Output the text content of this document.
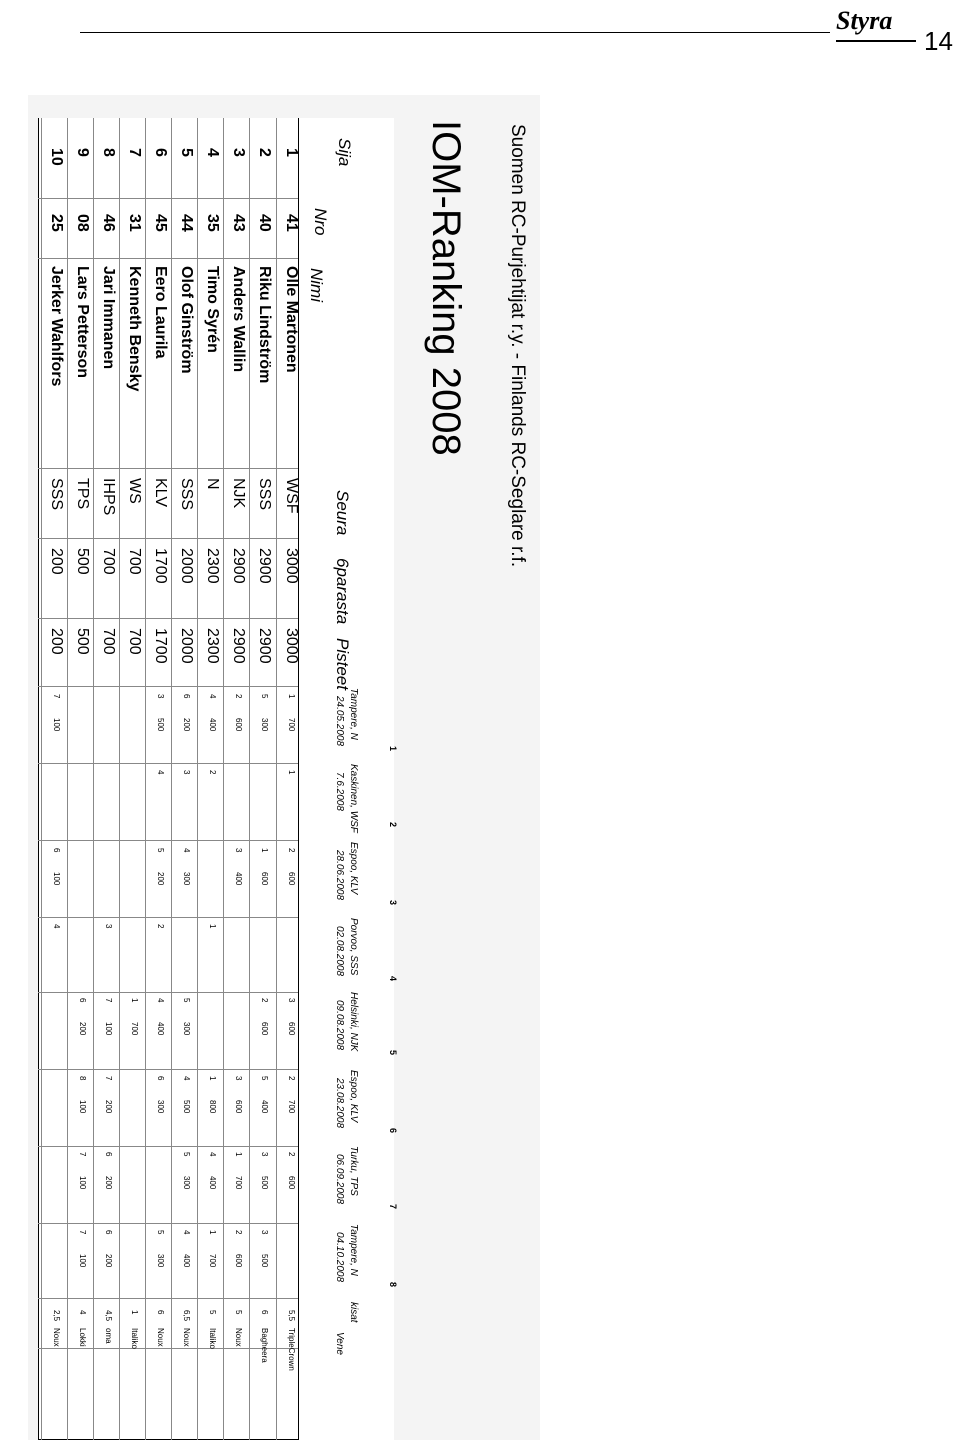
Styra
14
IOM-Ranking 2008 Suomen RC-Purjehtijat r.y. - Finlands RC-Seglare r.f.
Sija
Nro
Nimi
Seura
6parasta
Pisteet
Tampere, N
24.05.2008
1
Kaskinen, WSF
7.6.2008
2
Espoo, KLV
28.06.2008
3
Porvoo, SSS
02.08.2008
4
Helsinki, NJK
09.08.2008
5
Espoo, KLV
23.08.2008
6
Turku, TPS
06.09.2008
7
Tampere, N
04.10.2008
8
kisat
Vene
1
41
Olle Martonen
WSF
3000
3000
1
700
1
2
600
3
600
2
700
2
600
5,5
TripleCrown
2
40
Riku Lindström
SSS
2900
2900
5
300
1
600
2
600
5
400
3
500
3
500
6
Bagheera
3
43
Anders Wallin
NJK
2900
2900
2
600
3
400
3
600
1
700
2
600
5
Noux
4
35
Timo Syrén
N
2300
2300
4
400
2
1
1
800
4
400
1
700
5
Italiko
5
44
Olof Ginström
SSS
2000
2000
6
200
3
4
300
5
300
4
500
5
300
4
400
6,5
Noux
6
45
Eero Laurila
KLV
1700
1700
3
500
4
5
200
2
4
400
6
300
5
300
6
Noux
7
31
Kenneth Bensky
WS
700
700
1
700
1
Italiko
8
46
Jari Immanen
IHPS
700
700
3
7
100
7
200
6
200
6
200
4,5
oma
9
08
Lars Petterson
TPS
500
500
6
200
8
100
7
100
7
100
4
Lokki
10
25
Jerker Wahlfors
SSS
200
200
7
100
6
100
4
2,5
Noux
